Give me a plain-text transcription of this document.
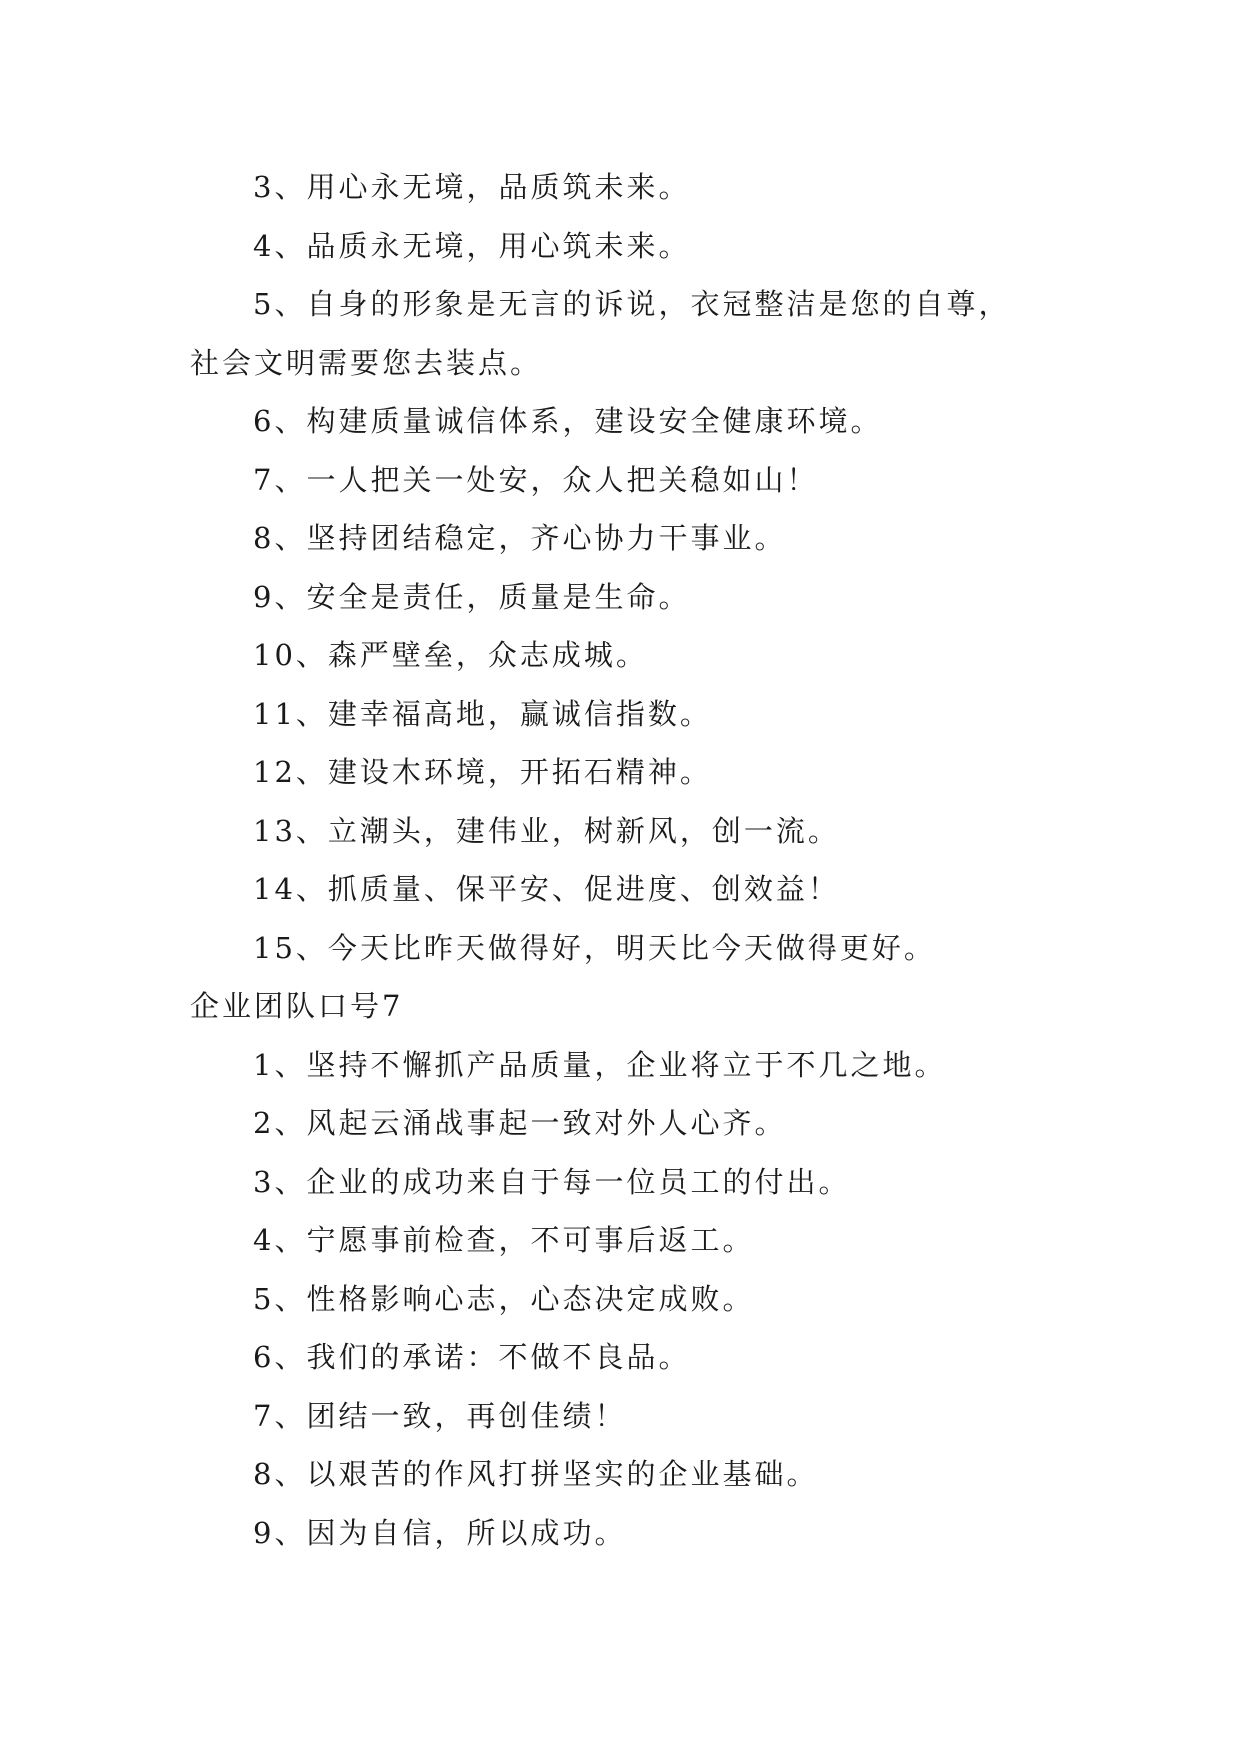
3、用心永无境，品质筑未来。
4、品质永无境，用心筑未来。
5、自身的形象是无言的诉说，衣冠整洁是您的自尊，
社会文明需要您去装点。
6、构建质量诚信体系，建设安全健康环境。
7、一人把关一处安，众人把关稳如山！
8、坚持团结稳定，齐心协力干事业。
9、安全是责任，质量是生命。
10、森严壁垒，众志成城。
11、建幸福高地，赢诚信指数。
12、建设木环境，开拓石精神。
13、立潮头，建伟业，树新风，创一流。
14、抓质量、保平安、促进度、创效益！
15、今天比昨天做得好，明天比今天做得更好。
企业团队口号7
1、坚持不懈抓产品质量，企业将立于不几之地。
2、风起云涌战事起一致对外人心齐。
3、企业的成功来自于每一位员工的付出。
4、宁愿事前检查，不可事后返工。
5、性格影响心志，心态决定成败。
6、我们的承诺：不做不良品。
7、团结一致，再创佳绩！
8、以艰苦的作风打拼坚实的企业基础。
9、因为自信，所以成功。
